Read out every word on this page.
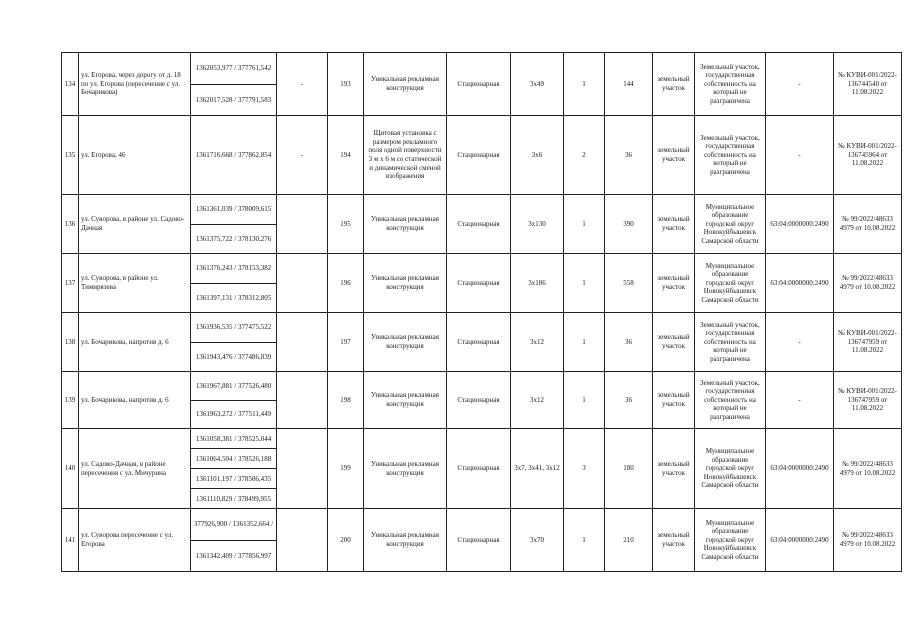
134	ул. Егорова, через дорогу от д. 18 по ул. Егорова (пересечение с ул. Бочарикова)	1362053,977 / 377761,542	-	193	Уникальная рекламная конструкция	Стационарная	3х49	1	144	земельный участок	Земельный участок, государственная собственность на который не разграничена	-	№ КУВИ-001/2022-136744540 от 11.08.2022
		1362017,528 / 377791,583											
135	ул. Егорова, 46	1361716,668 / 377862,854	-	194	Щитовая установка с размером рекламного поля одной поверхности 3 м х 6 м со статической и динамической сменой изображения	Стационарная	3х6	2	36	земельный участок	Земельный участок, государственная собственность на который не разграничена	-	№ КУВИ-001/2022-136745964 от 11.08.2022
136	ул. Суворова, в районе ул. Садово-Дачная	1361361,039 / 378009,615		195	Уникальная рекламная конструкция	Стационарная	3х130	1	390	земельный участок	Муниципальное образование городской округ Новокуйбышевск Самарской области	63:04:0000000:2490	№ 99/2022/48633 4979 от 10.08.2022
		1361375,722 / 378130,276											
137	ул. Суворова, в районе ул. Тимирязева	1361376,243 / 378153,382		196	Уникальная рекламная конструкция	Стационарная	3х186	1	558	земельный участок	Муниципальное образование городской округ Новокуйбышевск Самарской области	63:04:0000000:2490	№ 99/2022/48633 4979 от 10.08.2022
		1361397,131 / 378312,805											
138	ул. Бочарикова, напротив д. 6	1361936,535 / 377475,522		197	Уникальная рекламная конструкция	Стационарная	3х12	1	36	земельный участок	Земельный участок, государственная собственность на который не разграничена	-	№ КУВИ-001/2022-136747959 от 11.08.2022
		1361943,476 / 377486,839											
139	ул. Бочарикова, напротив д. 6	1361967,881 / 377526,480		198	Уникальная рекламная конструкция	Стационарная	3х12	1	36	земельный участок	Земельный участок, государственная собственность на который не разграничена	-	№ КУВИ-001/2022-136747959 от 11.08.2022
		1361963,272 / 377511,449											
140	ул. Садово-Дачная, в районе пересечения с ул. Мичурина	1361058,381 / 378525,044		199	Уникальная рекламная конструкция	Стационарная	3х7, 3х41, 3х12	3	180	земельный участок	Муниципальное образование городской округ Новокуйбышевск Самарской области	63:04:0000000:2490	№ 99/2022/48633 4979 от 10.08.2022
		1361064,504 / 378526,188											
		1361101,197 / 378506,435											
		1361110,829 / 378499,955											
141	ул. Суворова пересечение с ул. Егорова	377926,900 / 1361352,664 /		200	Уникальная рекламная конструкция	Стационарная	3х70	1	210	земельный участок	Муниципальное образование городской округ Новокуйбышевск Самарской области	63:04:0000000:2490	№ 99/2022/48633 4979 от 10.08.2022
		1361342,409 / 377856,997											
